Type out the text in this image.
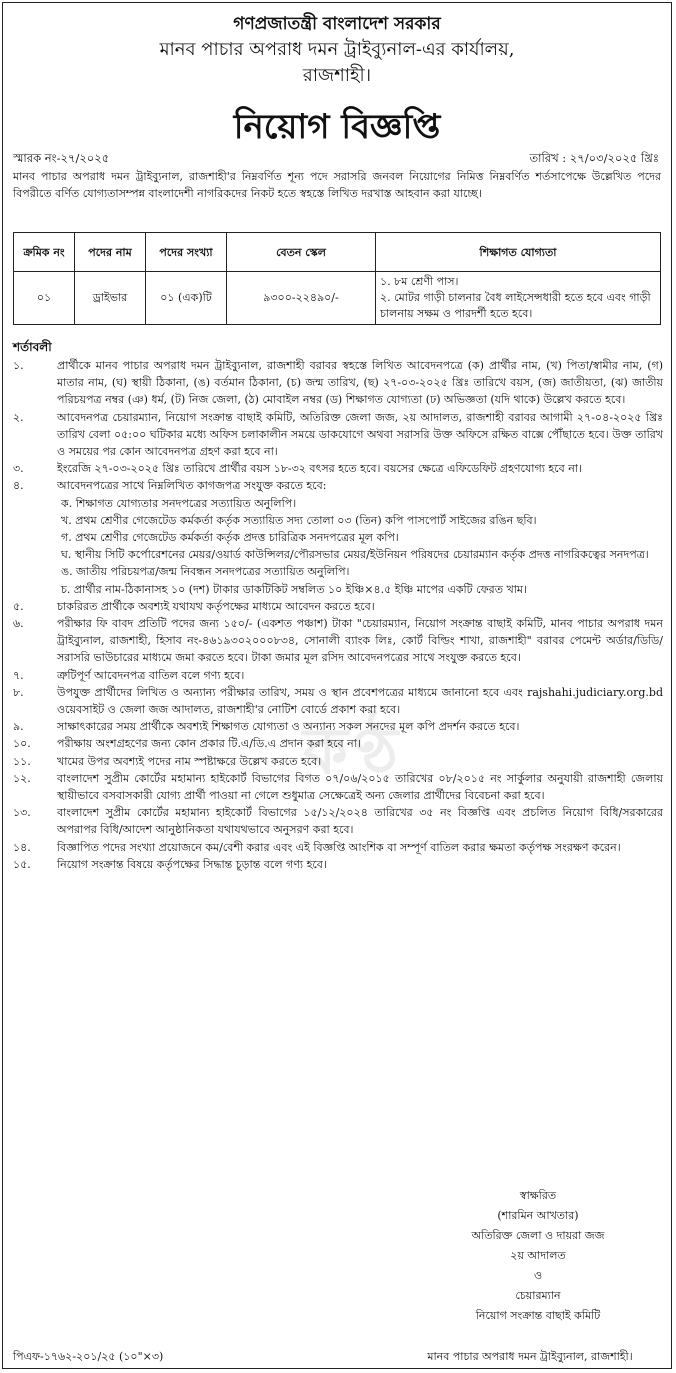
কণ্ঠ

গণপ্রজাতন্ত্রী বাংলাদেশ সরকার

মানব পাচার অপরাধ দমন ট্রাইব্যুনাল-এর কার্যালয়,

রাজশাহী।

নিয়োগ বিজ্ঞপ্তি

স্মারক নং-২৭/২০২৫	তারিখ : ২৭/০৩/২০২৫ খ্রিঃ

মানব পাচার অপরাধ দমন ট্রাইব্যুনাল, রাজশাহী'র নিম্নবর্ণিত শূন্য পদে সরাসরি জনবল নিয়োগের নিমিত্ত নিম্নবর্ণিত শর্তসাপেক্ষে উল্লেখিত পদের বিপরীতে বর্ণিত যোগ্যতাসম্পন্ন বাংলাদেশী নাগরিকদের নিকট হতে স্বহস্তে লিখিত দরখাস্ত আহবান করা যাচ্ছে।

ক্রমিক নং	পদের নাম	পদের সংখ্যা	বেতন স্কেল	শিক্ষাগত যোগ্যতা
০১	ড্রাইভার	০১ (এক)টি	৯৩০০-২২৪৯০/-	১. ৮ম শ্রেণী পাস।
২. মোটর গাড়ী চালনার বৈধ লাইসেন্সধারী হতে হবে এবং গাড়ী চালনায় সক্ষম ও পারদর্শী হতে হবে।
শর্তাবলী
১.	প্রার্থীকে মানব পাচার অপরাধ দমন ট্রাইব্যুনাল, রাজশাহী বরাবর স্বহস্তে লিখিত আবেদনপত্রে (ক) প্রার্থীর নাম, (খ) পিতা/স্বামীর নাম, (গ) মাতার নাম, (ঘ) স্থায়ী ঠিকানা, (ঙ) বর্তমান ঠিকানা, (চ) জন্ম তারিখ, (ছ) ২৭-০৩-২০২৫ খ্রিঃ তারিখে বয়স, (জ) জাতীয়তা, (ঝ) জাতীয় পরিচয়পত্র নম্বর (ঞ) ধর্ম, (ট) নিজ জেলা, (ঠ) মোবাইল নম্বর (ড) শিক্ষাগত যোগ্যতা (ঢ) অভিজ্ঞতা (যদি থাকে) উল্লেখ করতে হবে।
২.	আবেদনপত্র চেয়ারম্যান, নিয়োগ সংক্রান্ত বাছাই কমিটি, অতিরিক্ত জেলা জজ, ২য় আদালত, রাজশাহী বরাবর আগামী ২৭-০৪-২০২৫ খ্রিঃ তারিখ বেলা ০৫:০০ ঘটিকার মধ্যে অফিস চলাকালীন সময়ে ডাকযোগে অথবা সরাসরি উক্ত অফিসে রক্ষিত বাক্সে পৌঁছাতে হবে। উক্ত তারিখ ও সময়ের পর কোন আবেদনপত্র গ্রহণ করা হবে না।
৩.	ইংরেজি ২৭-০৩-২০২৫ খ্রিঃ তারিখে প্রার্থীর বয়স ১৮-৩২ বৎসর হতে হবে। বয়সের ক্ষেত্রে এফিডেফিট গ্রহণযোগ্য হবে না।
৪.	আবেদনপত্রের সাথে নিম্নলিখিত কাগজপত্র সংযুক্ত করতে হবে:
ক. শিক্ষাগত যোগ্যতার সনদপত্রের সত্যায়িত অনুলিপি।
খ. প্রথম শ্রেণীর গেজেটেড কর্মকর্তা কর্তৃক সত্যায়িত সদ্য তোলা ০৩ (তিন) কপি পাসপোর্ট সাইজের রঙিন ছবি।
গ. প্রথম শ্রেণীর গেজেটেড কর্মকর্তা কর্তৃক প্রদত্ত চারিত্রিক সনদপত্রের মূল কপি।
ঘ. স্থানীয় সিটি কর্পোরেশনের মেয়র/ওয়ার্ড কাউন্সিলর/পৌরসভার মেয়র/ইউনিয়ন পরিষদের চেয়ারম্যান কর্তৃক প্রদত্ত নাগরিকত্বের সনদপত্র।
ঙ. জাতীয় পরিচয়পত্র/জন্ম নিবন্ধন সনদপত্রের সত্যায়িত অনুলিপি।
চ. প্রার্থীর নাম-ঠিকানাসহ ১০ (দশ) টাকার ডাকটিকিট সম্বলিত ১০ ইঞ্চি×৪.৫ ইঞ্চি মাপের একটি ফেরত খাম।
৫.	চাকরিরত প্রার্থীকে অবশ্যই যথাযথ কর্তৃপক্ষের মাধ্যমে আবেদন করতে হবে।
৬.	পরীক্ষার ফি বাবদ প্রতিটি পদের জন্য ১৫০/- (একশত পঞ্চাশ) টাকা "চেয়ারম্যান, নিয়োগ সংক্রান্ত বাছাই কমিটি, মানব পাচার অপরাধ দমন ট্রাইব্যুনাল, রাজশাহী, হিসাব নং-৪৬১৯৩০২০০০৮৩৪, সোনালী ব্যাংক লিঃ, কোর্ট বিল্ডিং শাখা, রাজশাহী" বরাবর পেমেন্ট অর্ডার/ডিডি/সরাসরি ভাউচারের মাধ্যমে জমা করতে হবে। টাকা জমার মূল রসিদ আবেদনপত্রের সাথে সংযুক্ত করতে হবে।
৭.	ত্রুটিপূর্ণ আবেদনপত্র বাতিল বলে গণ্য হবে।
৮.	উপযুক্ত প্রার্থীদের লিখিত ও অন্যান্য পরীক্ষার তারিখ, সময় ও স্থান প্রবেশপত্রের মাধ্যমে জানানো হবে এবং rajshahi.judiciary.org.bd ওয়েবসাইট ও জেলা জজ আদালত, রাজশাহী'র নোটিশ বোর্ডে প্রকাশ করা হবে।
৯.	সাক্ষাৎকারের সময় প্রার্থীকে অবশ্যই শিক্ষাগত যোগ্যতা ও অন্যান্য সকল সনদের মূল কপি প্রদর্শন করতে হবে।
১০.	পরীক্ষায় অংশগ্রহণের জন্য কোন প্রকার টি.এ/ডি.এ প্রদান করা হবে না।
১১.	খামের উপর অবশ্যই পদের নাম স্পষ্টাক্ষরে উল্লেখ করতে হবে।
১২.	বাংলাদেশ সুপ্রীম কোর্টের মহামান্য হাইকোর্ট বিভাগের বিগত ০৭/০৬/২০১৫ তারিখের ০৮/২০১৫ নং সার্কুলার অনুযায়ী রাজশাহী জেলায় স্থায়ীভাবে বসবাসকারী যোগ্য প্রার্থী পাওয়া না গেলে শুধুমাত্র সেক্ষেত্রেই অন্য জেলার প্রার্থীদের বিবেচনা করা হবে।
১৩.	বাংলাদেশ সুপ্রীম কোর্টের মহামান্য হাইকোর্ট বিভাগের ১৫/১২/২০২৪ তারিখের ৩৫ নং বিজ্ঞপ্তি এবং প্রচলিত নিয়োগ বিধি/সরকারের অপরাপর বিধি/আদেশ আনুষ্ঠানিকতা যথাযথভাবে অনুসরণ করা হবে।
১৪.	বিজ্ঞাপিত পদের সংখ্যা প্রয়োজনে কম/বেশী করার এবং এই বিজ্ঞপ্তি আংশিক বা সম্পূর্ণ বাতিল করার ক্ষমতা কর্তৃপক্ষ সংরক্ষণ করেন।
১৫.	নিয়োগ সংক্রান্ত বিষয়ে কর্তৃপক্ষের সিদ্ধান্ত চূড়ান্ত বলে গণ্য হবে।
স্বাক্ষরিত
(শারমিন আখতার)
অতিরিক্ত জেলা ও দায়রা জজ
২য় আদালত
ও
চেয়ারম্যান
নিয়োগ সংক্রান্ত বাছাই কমিটি
পিএফ-১৭৬২-২০১/২৫ (১০"×৩)	মানব পাচার অপরাধ দমন ট্রাইব্যুনাল, রাজশাহী।
